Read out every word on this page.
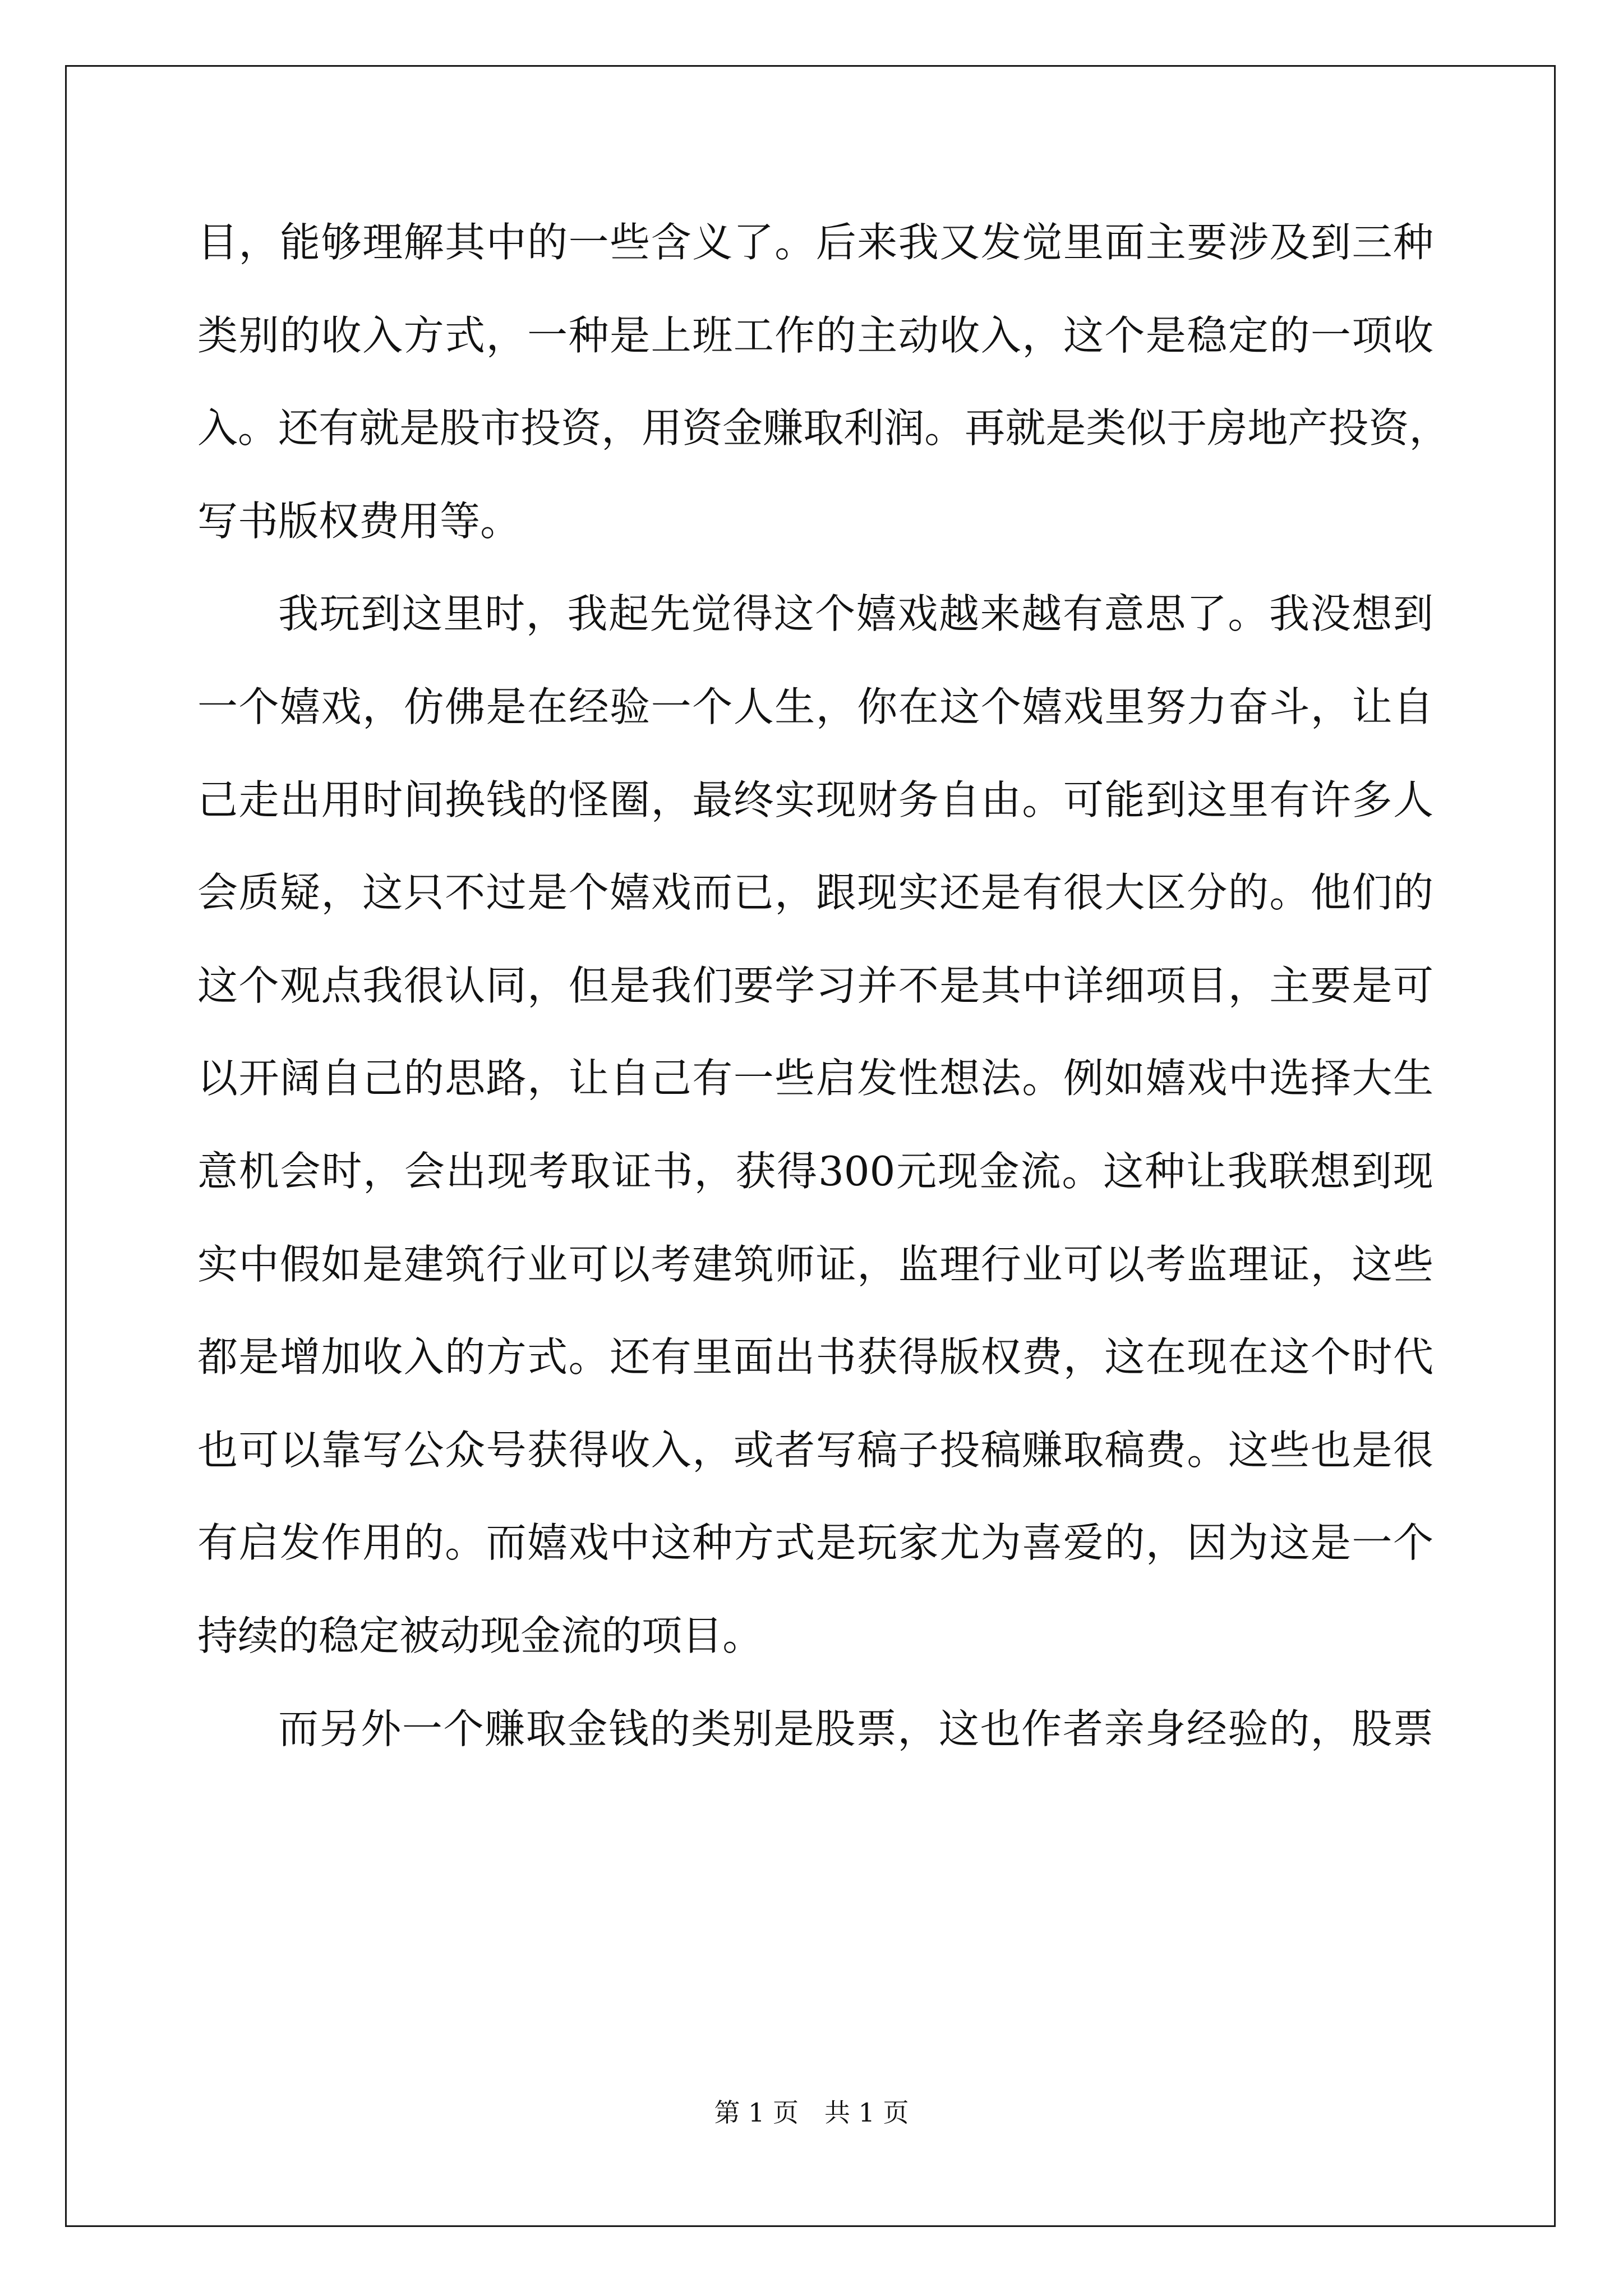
目 ， 能 够 理 解 其 中 的 一 些 含 义 了 。 后 来 我 又 发 觉 里 面 主 要 涉 及 到 三 种
类 别 的 收 入 方 式 ， 一 种 是 上 班 工 作 的 主 动 收 入 ， 这 个 是 稳 定 的 一 项 收
入 。 还 有 就 是 股 市 投 资 ， 用 资 金 赚 取 利 润 。 再 就 是 类 似 于 房 地 产 投 资 ，
写 书 版 权 费 用 等 。
我 玩 到 这 里 时 ， 我 起 先 觉 得 这 个 嬉 戏 越 来 越 有 意 思 了 。 我 没 想 到
一 个 嬉 戏 ， 仿 佛 是 在 经 验 一 个 人 生 ， 你 在 这 个 嬉 戏 里 努 力 奋 斗 ， 让 自
己 走 出 用 时 间 换 钱 的 怪 圈 ， 最 终 实 现 财 务 自 由 。 可 能 到 这 里 有 许 多 人
会 质 疑 ， 这 只 不 过 是 个 嬉 戏 而 已 ， 跟 现 实 还 是 有 很 大 区 分 的 。 他 们 的
这 个 观 点 我 很 认 同 ， 但 是 我 们 要 学 习 并 不 是 其 中 详 细 项 目 ， 主 要 是 可
以 开 阔 自 己 的 思 路 ， 让 自 己 有 一 些 启 发 性 想 法 。 例 如 嬉 戏 中 选 择 大 生
意 机 会 时 ， 会 出 现 考 取 证 书 ， 获 得 300 元 现 金 流 。 这 种 让 我 联 想 到 现
实 中 假 如 是 建 筑 行 业 可 以 考 建 筑 师 证 ， 监 理 行 业 可 以 考 监 理 证 ， 这 些
都 是 增 加 收 入 的 方 式 。 还 有 里 面 出 书 获 得 版 权 费 ， 这 在 现 在 这 个 时 代
也 可 以 靠 写 公 众 号 获 得 收 入 ， 或 者 写 稿 子 投 稿 赚 取 稿 费 。 这 些 也 是 很
有 启 发 作 用 的 。 而 嬉 戏 中 这 种 方 式 是 玩 家 尤 为 喜 爱 的 ， 因 为 这 是 一 个
持 续 的 稳 定 被 动 现 金 流 的 项 目 。
而 另 外 一 个 赚 取 金 钱 的 类 别 是 股 票 ， 这 也 作 者 亲 身 经 验 的 ， 股 票
第 1 页　共 1 页
